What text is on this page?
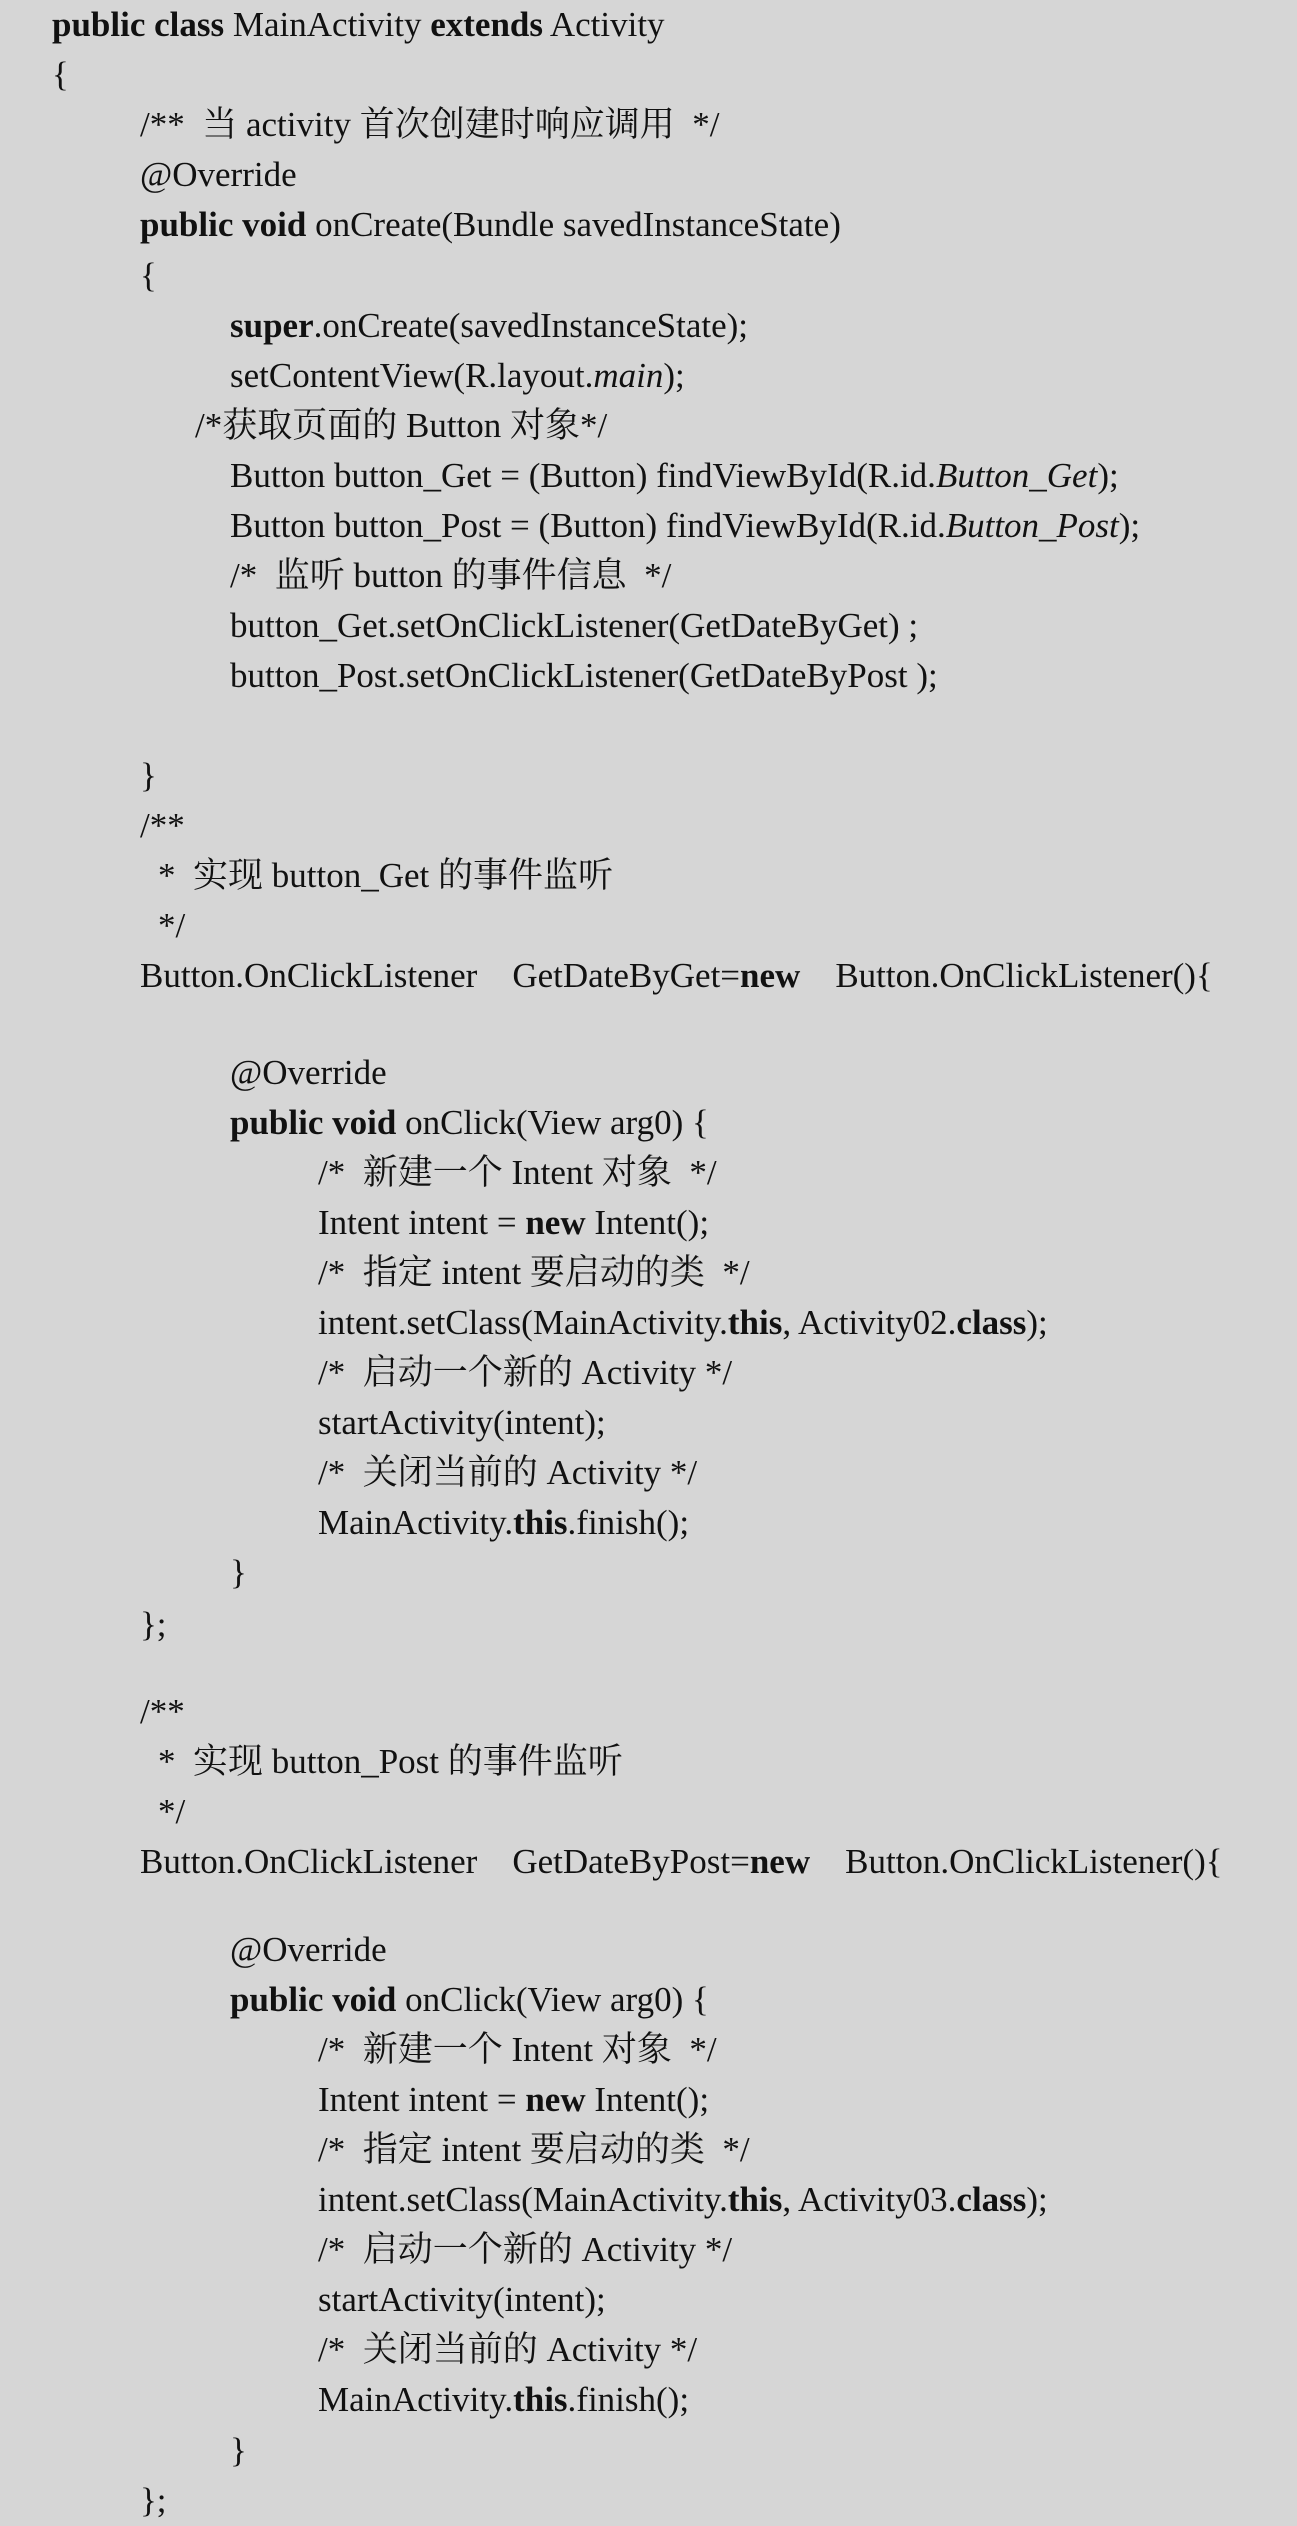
public class MainActivity extends Activity
{
/**  当 activity 首次创建时响应调用  */
@Override
public void onCreate(Bundle savedInstanceState)
{
super.onCreate(savedInstanceState);
setContentView(R.layout.main);
/*获取页面的 Button 对象*/
Button button_Get = (Button) findViewById(R.id.Button_Get);
Button button_Post = (Button) findViewById(R.id.Button_Post);
/*  监听 button 的事件信息  */
button_Get.setOnClickListener(GetDateByGet) ;
button_Post.setOnClickListener(GetDateByPost );
}
/**
*  实现 button_Get 的事件监听
*/
Button.OnClickListener    GetDateByGet=new    Button.OnClickListener(){
@Override
public void onClick(View arg0) {
/*  新建一个 Intent 对象  */
Intent intent = new Intent();
/*  指定 intent 要启动的类  */
intent.setClass(MainActivity.this, Activity02.class);
/*  启动一个新的 Activity */
startActivity(intent);
/*  关闭当前的 Activity */
MainActivity.this.finish();
}
};
/**
*  实现 button_Post 的事件监听
*/
Button.OnClickListener    GetDateByPost=new    Button.OnClickListener(){
@Override
public void onClick(View arg0) {
/*  新建一个 Intent 对象  */
Intent intent = new Intent();
/*  指定 intent 要启动的类  */
intent.setClass(MainActivity.this, Activity03.class);
/*  启动一个新的 Activity */
startActivity(intent);
/*  关闭当前的 Activity */
MainActivity.this.finish();
}
};
